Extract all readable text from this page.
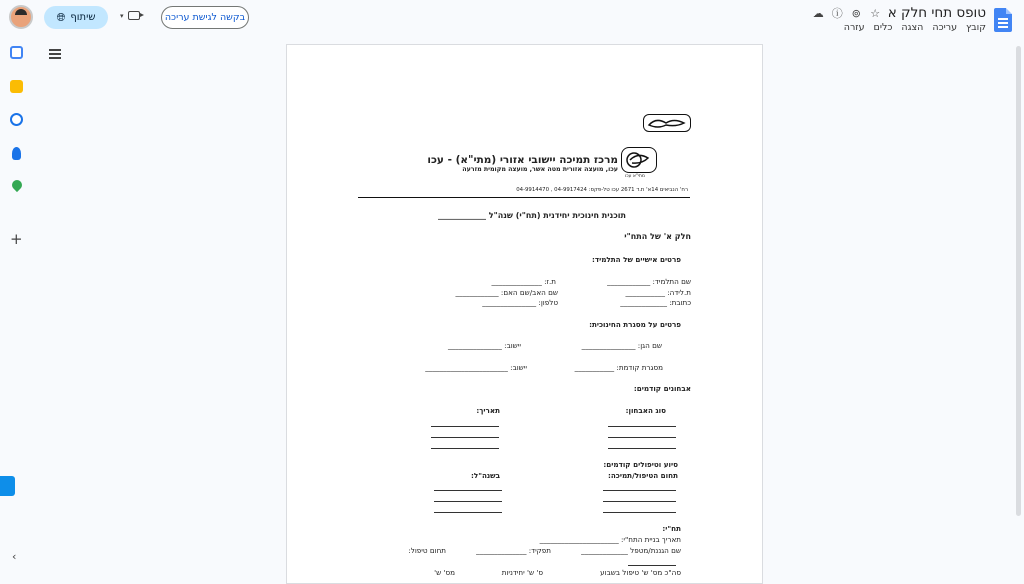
טופס תחי חלק א
☆
⊚
ⓘ
☁
קובץ
עריכה
הצגה
כלים
עזרה
בקשה לגישת עריכה
▾
🌐︎ שיתוף
+
‹
מתי"א עכו
מרכז תמיכה יישובי אזורי (מתי"א) - עכו
עכו, מועצה אזורית מטה אשר, מועצה מקומית מזרעה
רח' הנביאים 14א' ת.ד 2671 עכו טל-פקס: 04-9917424 , 04-9914470
תוכנית חינוכית יחידנית (תח"י) שנה"ל ____________
חלק א' של התח"י
פרטים אישיים של התלמיד:
שם התלמיד: ____________
ת.ז: ______________
ת.לידה: ___________
שם האב/שם האם: ____________
כתובת: _____________
טלפון: _______________
פרטים על מסגרת החינוכית:
שם הגן: _______________
יישוב: _______________
מסגרת קודמת: ___________
יישוב: _______________________
אבחונים קודמים:
סוג האבחון:
תאריך:
סיוע וטיפולים קודמים:
תחום הטיפול/תמיכה:
בשנה"ל:
תח"י:
תאריך בניית התח"י: ______________________
שם הגננת/מטפל _____________
תפקיד: ______________
תחום טיפול:
סה"כ מס' ש' טיפול בשבוע
ס' ש' יחידניות
מס' ש'
